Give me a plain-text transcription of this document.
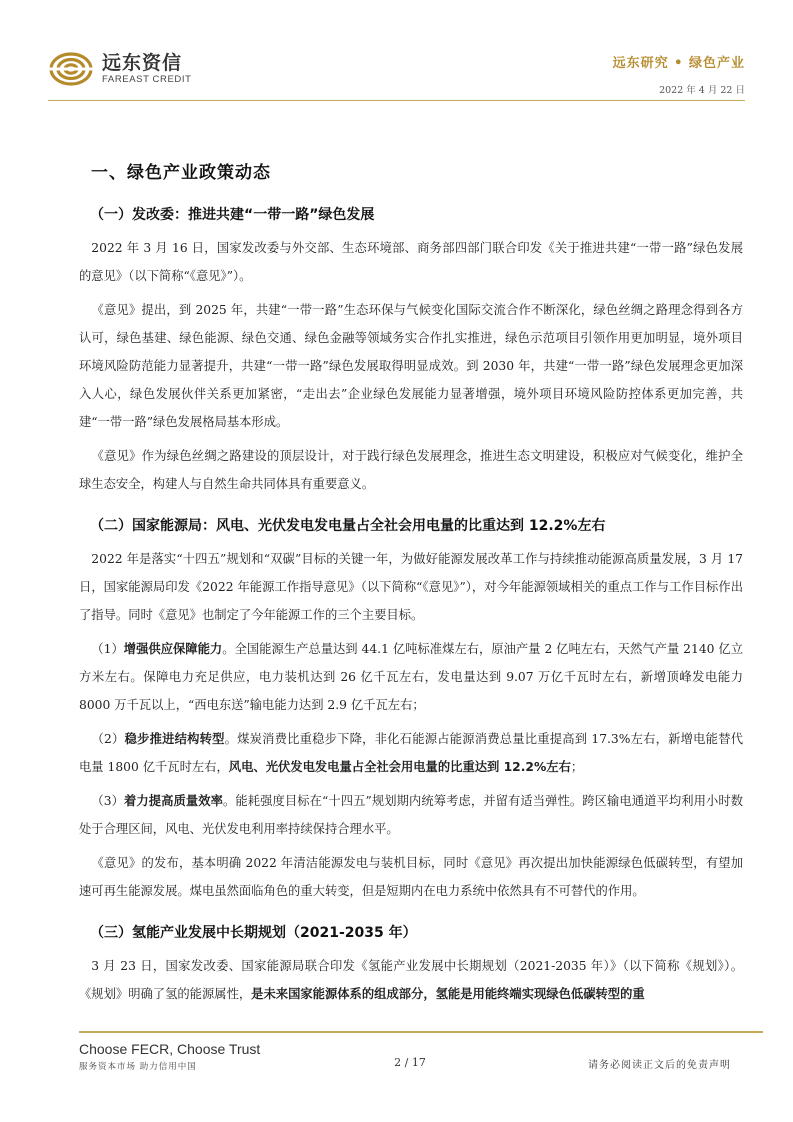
远东资信
FAREAST CREDIT
远东研究 • 绿色产业
2022 年 4 月 22 日
一、绿色产业政策动态
（一）发改委：推进共建“一带一路”绿色发展

 2022 年 3 月 16 日，国家发改委与外交部、生态环境部、商务部四部门联合印发《关于推进共建“一带一路”绿色发展的意见》（以下简称“《意见》”）。

 《意见》提出，到 2025 年，共建“一带一路”生态环保与气候变化国际交流合作不断深化，绿色丝绸之路理念得到各方认可，绿色基建、绿色能源、绿色交通、绿色金融等领域务实合作扎实推进，绿色示范项目引领作用更加明显，境外项目环境风险防范能力显著提升，共建“一带一路”绿色发展取得明显成效。到 2030 年，共建“一带一路”绿色发展理念更加深入人心，绿色发展伙伴关系更加紧密，“走出去”企业绿色发展能力显著增强，境外项目环境风险防控体系更加完善，共建“一带一路”绿色发展格局基本形成。

 《意见》作为绿色丝绸之路建设的顶层设计，对于践行绿色发展理念，推进生态文明建设，积极应对气候变化，维护全球生态安全，构建人与自然生命共同体具有重要意义。

（二）国家能源局：风电、光伏发电发电量占全社会用电量的比重达到 12.2%左右

 2022 年是落实“十四五”规划和“双碳”目标的关键一年，为做好能源发展改革工作与持续推动能源高质量发展，3 月 17 日，国家能源局印发《2022 年能源工作指导意见》（以下简称“《意见》”），对今年能源领域相关的重点工作与工作目标作出了指导。同时《意见》也制定了今年能源工作的三个主要目标。

 （1）增强供应保障能力。全国能源生产总量达到 44.1 亿吨标准煤左右，原油产量 2 亿吨左右，天然气产量 2140 亿立方米左右。保障电力充足供应，电力装机达到 26 亿千瓦左右，发电量达到 9.07 万亿千瓦时左右，新增顶峰发电能力 8000 万千瓦以上，“西电东送”输电能力达到 2.9 亿千瓦左右；

 （2）稳步推进结构转型。煤炭消费比重稳步下降，非化石能源占能源消费总量比重提高到 17.3%左右，新增电能替代电量 1800 亿千瓦时左右，风电、光伏发电发电量占全社会用电量的比重达到 12.2%左右；

 （3）着力提高质量效率。能耗强度目标在“十四五”规划期内统筹考虑，并留有适当弹性。跨区输电通道平均利用小时数处于合理区间，风电、光伏发电利用率持续保持合理水平。

 《意见》的发布，基本明确 2022 年清洁能源发电与装机目标，同时《意见》再次提出加快能源绿色低碳转型，有望加速可再生能源发展。煤电虽然面临角色的重大转变，但是短期内在电力系统中依然具有不可替代的作用。

（三）氢能产业发展中长期规划（2021-2035 年）

 3 月 23 日，国家发改委、国家能源局联合印发《氢能产业发展中长期规划（2021-2035 年）》（以下简称《规划》）。《规划》明确了氢的能源属性，是未来国家能源体系的组成部分，氢能是用能终端实现绿色低碳转型的重

Choose FECR, Choose Trust
服务资本市场 助力信用中国	2 / 17	请务必阅读正文后的免责声明
